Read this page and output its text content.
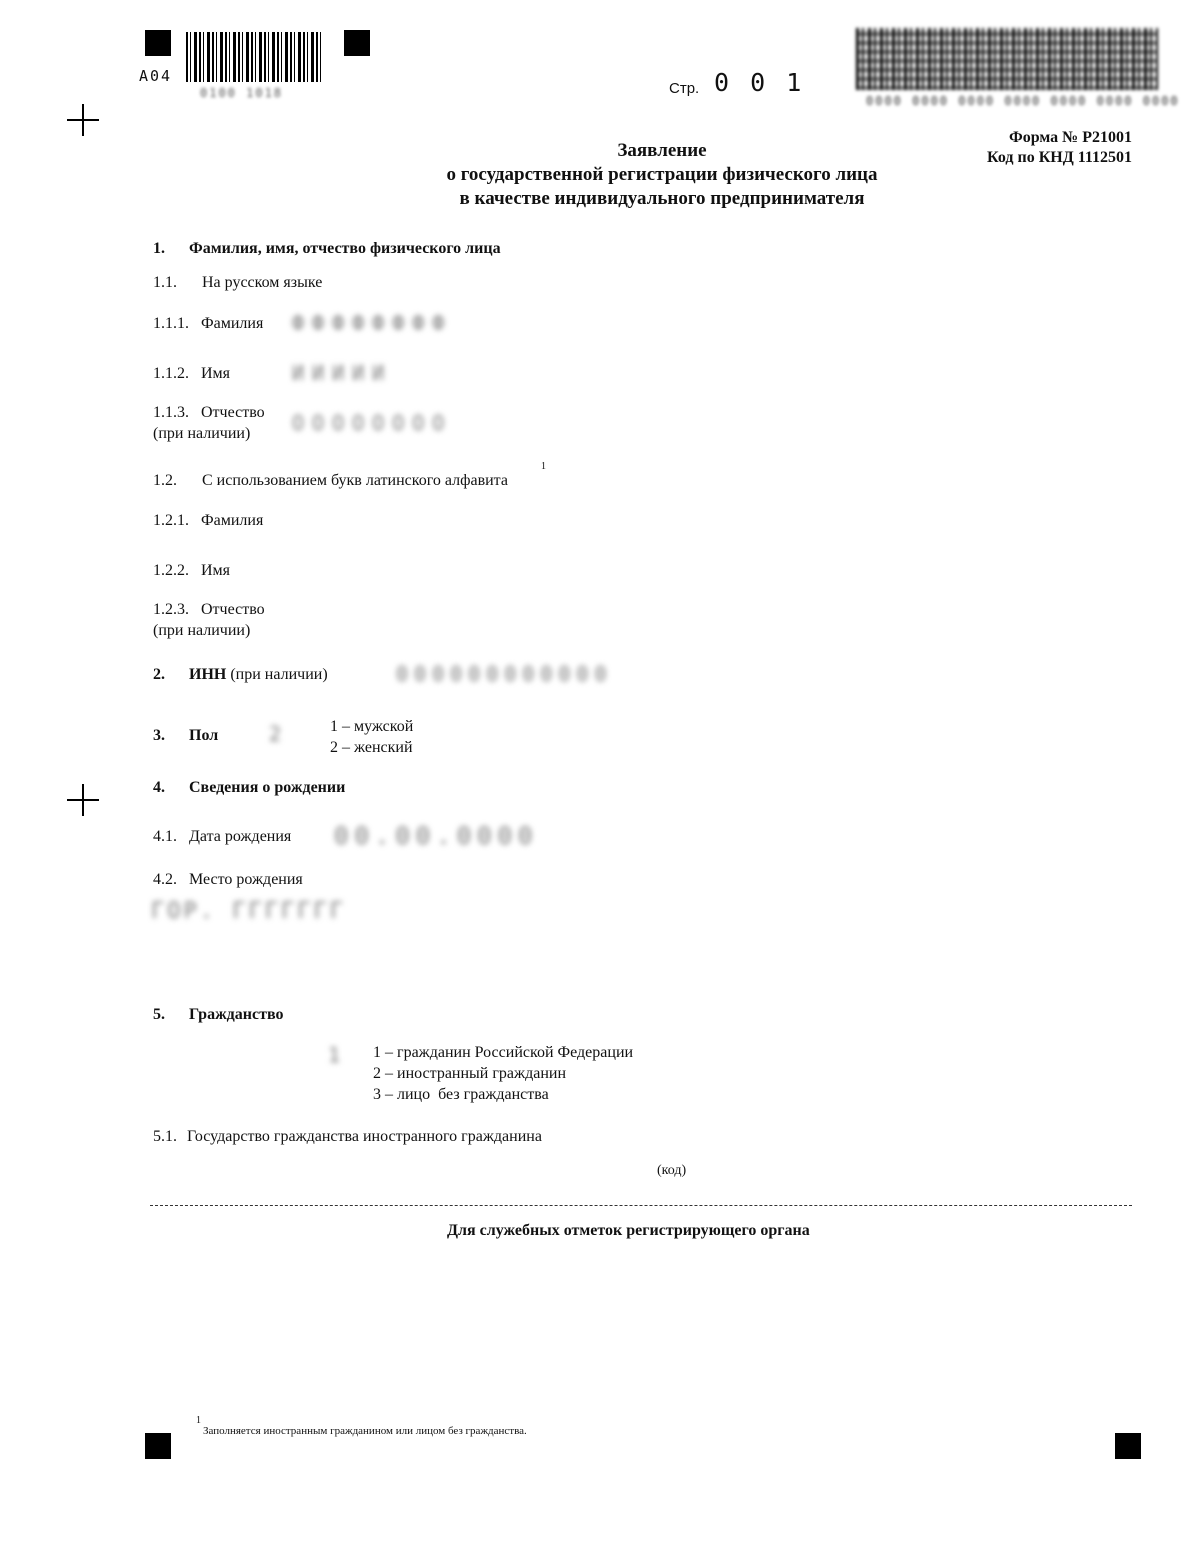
A04
0100 1018	Стр. 0 0 1
0000 0000 0000 0000 0000 0000 0000
Форма № Р21001
Код по КНД 1112501
Заявление
о государственной регистрации физического лица
в качестве индивидуального предпринимателя
1. Фамилия, имя, отчество физического лица
1.1. На русском языке
1.1.1. Фамилия ФФФФФФФФ
1.1.2. Имя	ИИИИИ
1.1.3. Отчество
(при наличии) ОООООООО
1.2. С использованием букв латинского алфавита
1
1.2.1. Фамилия
1.2.2. Имя
1.2.3. Отчество
(при наличии)
2. ИНН (при наличии)	000000000000
3. Пол	2	1 – мужской
2 – женский
4. Сведения о рождении
4.1. Дата рождения 00.00.0000
4.2. Место рождения
ГОР. ГГГГГГГ
5. Гражданство
1 1 – гражданин Российской Федерации
2 – иностранный гражданин
3 – лицо  без гражданства
5.1. Государство гражданства иностранного гражданина
(код)
Для служебных отметок регистрирующего органа
1
Заполняется иностранным гражданином или лицом без гражданства.
